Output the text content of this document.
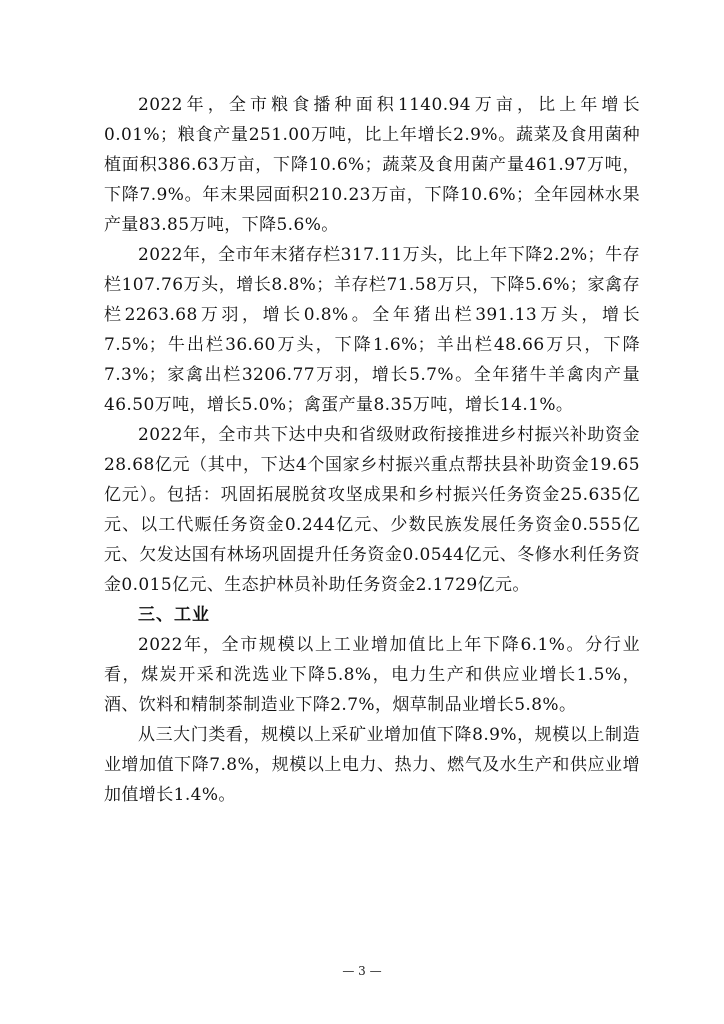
2022年，全市粮食播种面积1140.94万亩，比上年增长0.01%；粮食产量251.00万吨，比上年增长2.9%。蔬菜及食用菌种植面积386.63万亩，下降10.6%；蔬菜及食用菌产量461.97万吨，下降7.9%。年末果园面积210.23万亩，下降10.6%；全年园林水果产量83.85万吨，下降5.6%。

2022年，全市年末猪存栏317.11万头，比上年下降2.2%；牛存栏107.76万头，增长8.8%；羊存栏71.58万只，下降5.6%；家禽存栏2263.68万羽，增长0.8%。全年猪出栏391.13万头，增长7.5%；牛出栏36.60万头，下降1.6%；羊出栏48.66万只，下降7.3%；家禽出栏3206.77万羽，增长5.7%。全年猪牛羊禽肉产量46.50万吨，增长5.0%；禽蛋产量8.35万吨，增长14.1%。

2022年，全市共下达中央和省级财政衔接推进乡村振兴补助资金28.68亿元（其中，下达4个国家乡村振兴重点帮扶县补助资金19.65亿元）。包括：巩固拓展脱贫攻坚成果和乡村振兴任务资金25.635亿元、以工代赈任务资金0.244亿元、少数民族发展任务资金0.555亿元、欠发达国有林场巩固提升任务资金0.0544亿元、冬修水利任务资金0.015亿元、生态护林员补助任务资金2.1729亿元。

三、工业

2022年，全市规模以上工业增加值比上年下降6.1%。分行业看，煤炭开采和洗选业下降5.8%，电力生产和供应业增长1.5%，酒、饮料和精制茶制造业下降2.7%，烟草制品业增长5.8%。

从三大门类看，规模以上采矿业增加值下降8.9%，规模以上制造业增加值下降7.8%，规模以上电力、热力、燃气及水生产和供应业增加值增长1.4%。

— 3 —
